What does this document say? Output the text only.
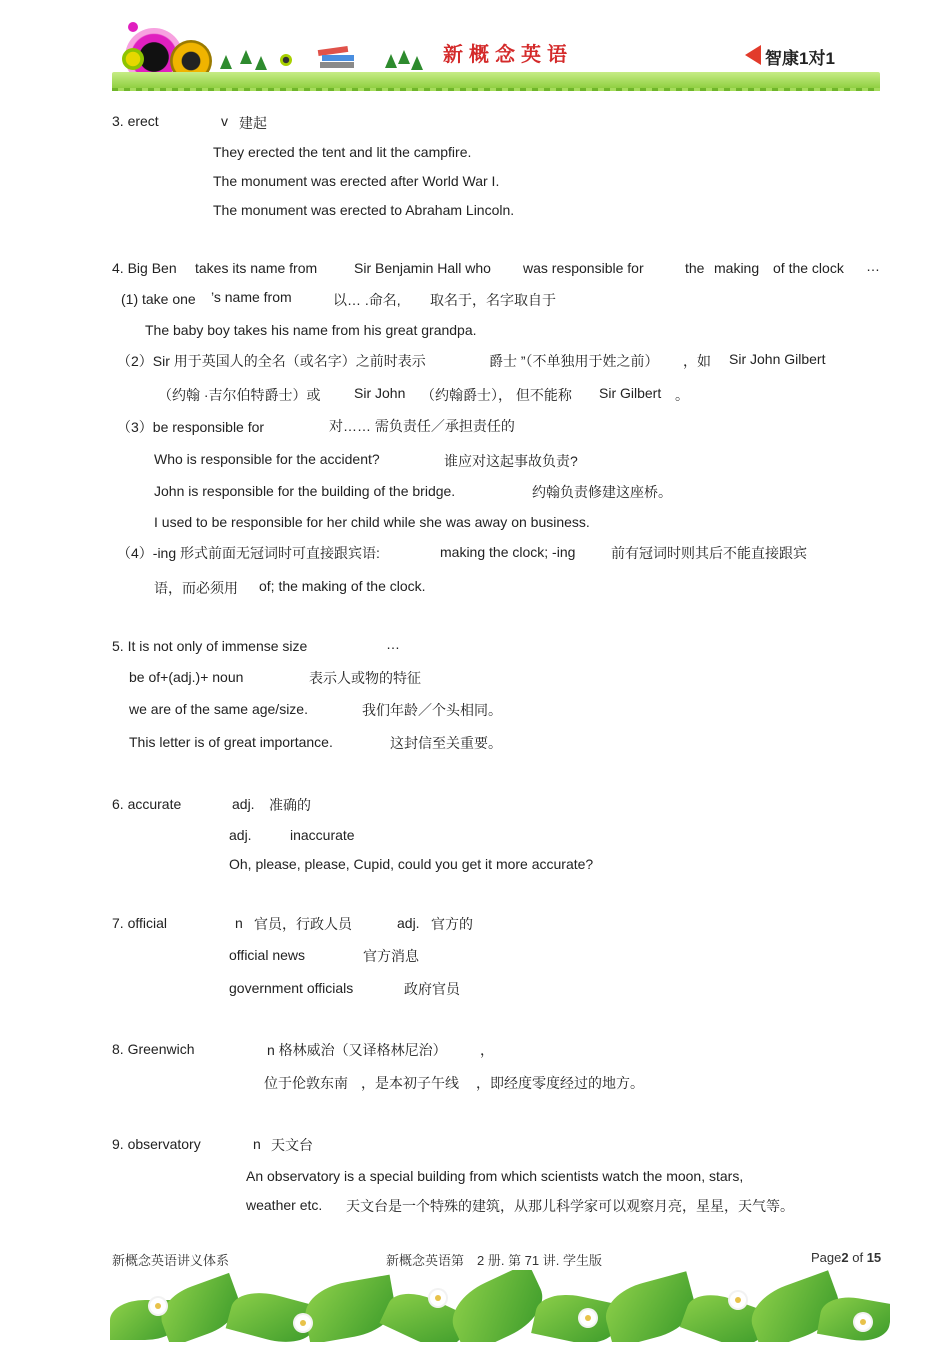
新概念英语	智康1对1
3. erect	v 建起
They erected the tent and lit the campfire.
The monument was erected after World War I.
The monument was erected to Abraham Lincoln.
4. Big Ben takes its name from	Sir Benjamin Hall who was responsible for	the making of the clock …
(1) take one ’s name from	以… .命名, 取名于，名字取自于
The baby boy takes his name from his great grandpa.
（2）Sir 用于英国人的全名（或名字）之前时表示	爵士 ”（不单独用于姓之前） ，如 Sir John Gilbert
（约翰 ·吉尔伯特爵士）或 Sir John （约翰爵士）， 但不能称 Sir Gilbert 。
（3）be responsible for	对…… 需负责任／承担责任的
Who is responsible for the accident?	谁应对这起事故负责?
John is responsible for the building of the bridge.	约翰负责修建这座桥。
I used to be responsible for her child while she was away on business.
（4）-ing 形式前面无冠词时可直接跟宾语:	making the clock; -ing	前有冠词时则其后不能直接跟宾
语，而必须用 of; the making of the clock.
5. It is not only of immense size	…
be of+(adj.)+ noun	表示人或物的特征
we are of the same age/size.	我们年龄／个头相同。
This letter is of great importance.	这封信至关重要。
6. accurate	adj. 准确的
adj.	inaccurate
Oh, please, please, Cupid, could you get it more accurate?
7. official	n 官员，行政人员	adj. 官方的
official news	官方消息
government officials	政府官员
8. Greenwich	n 格林威治（又译格林尼治） ，
位于伦敦东南 ，是本初子午线 ，即经度零度经过的地方。
9. observatory	n 天文台
An observatory is a special building from which scientists watch the moon, stars,
weather etc. 天文台是一个特殊的建筑，从那儿科学家可以观察月亮，星星，天气等。
新概念英语讲义体系	新概念英语第　2 册. 第 71 讲. 学生版	Page2 of 15
